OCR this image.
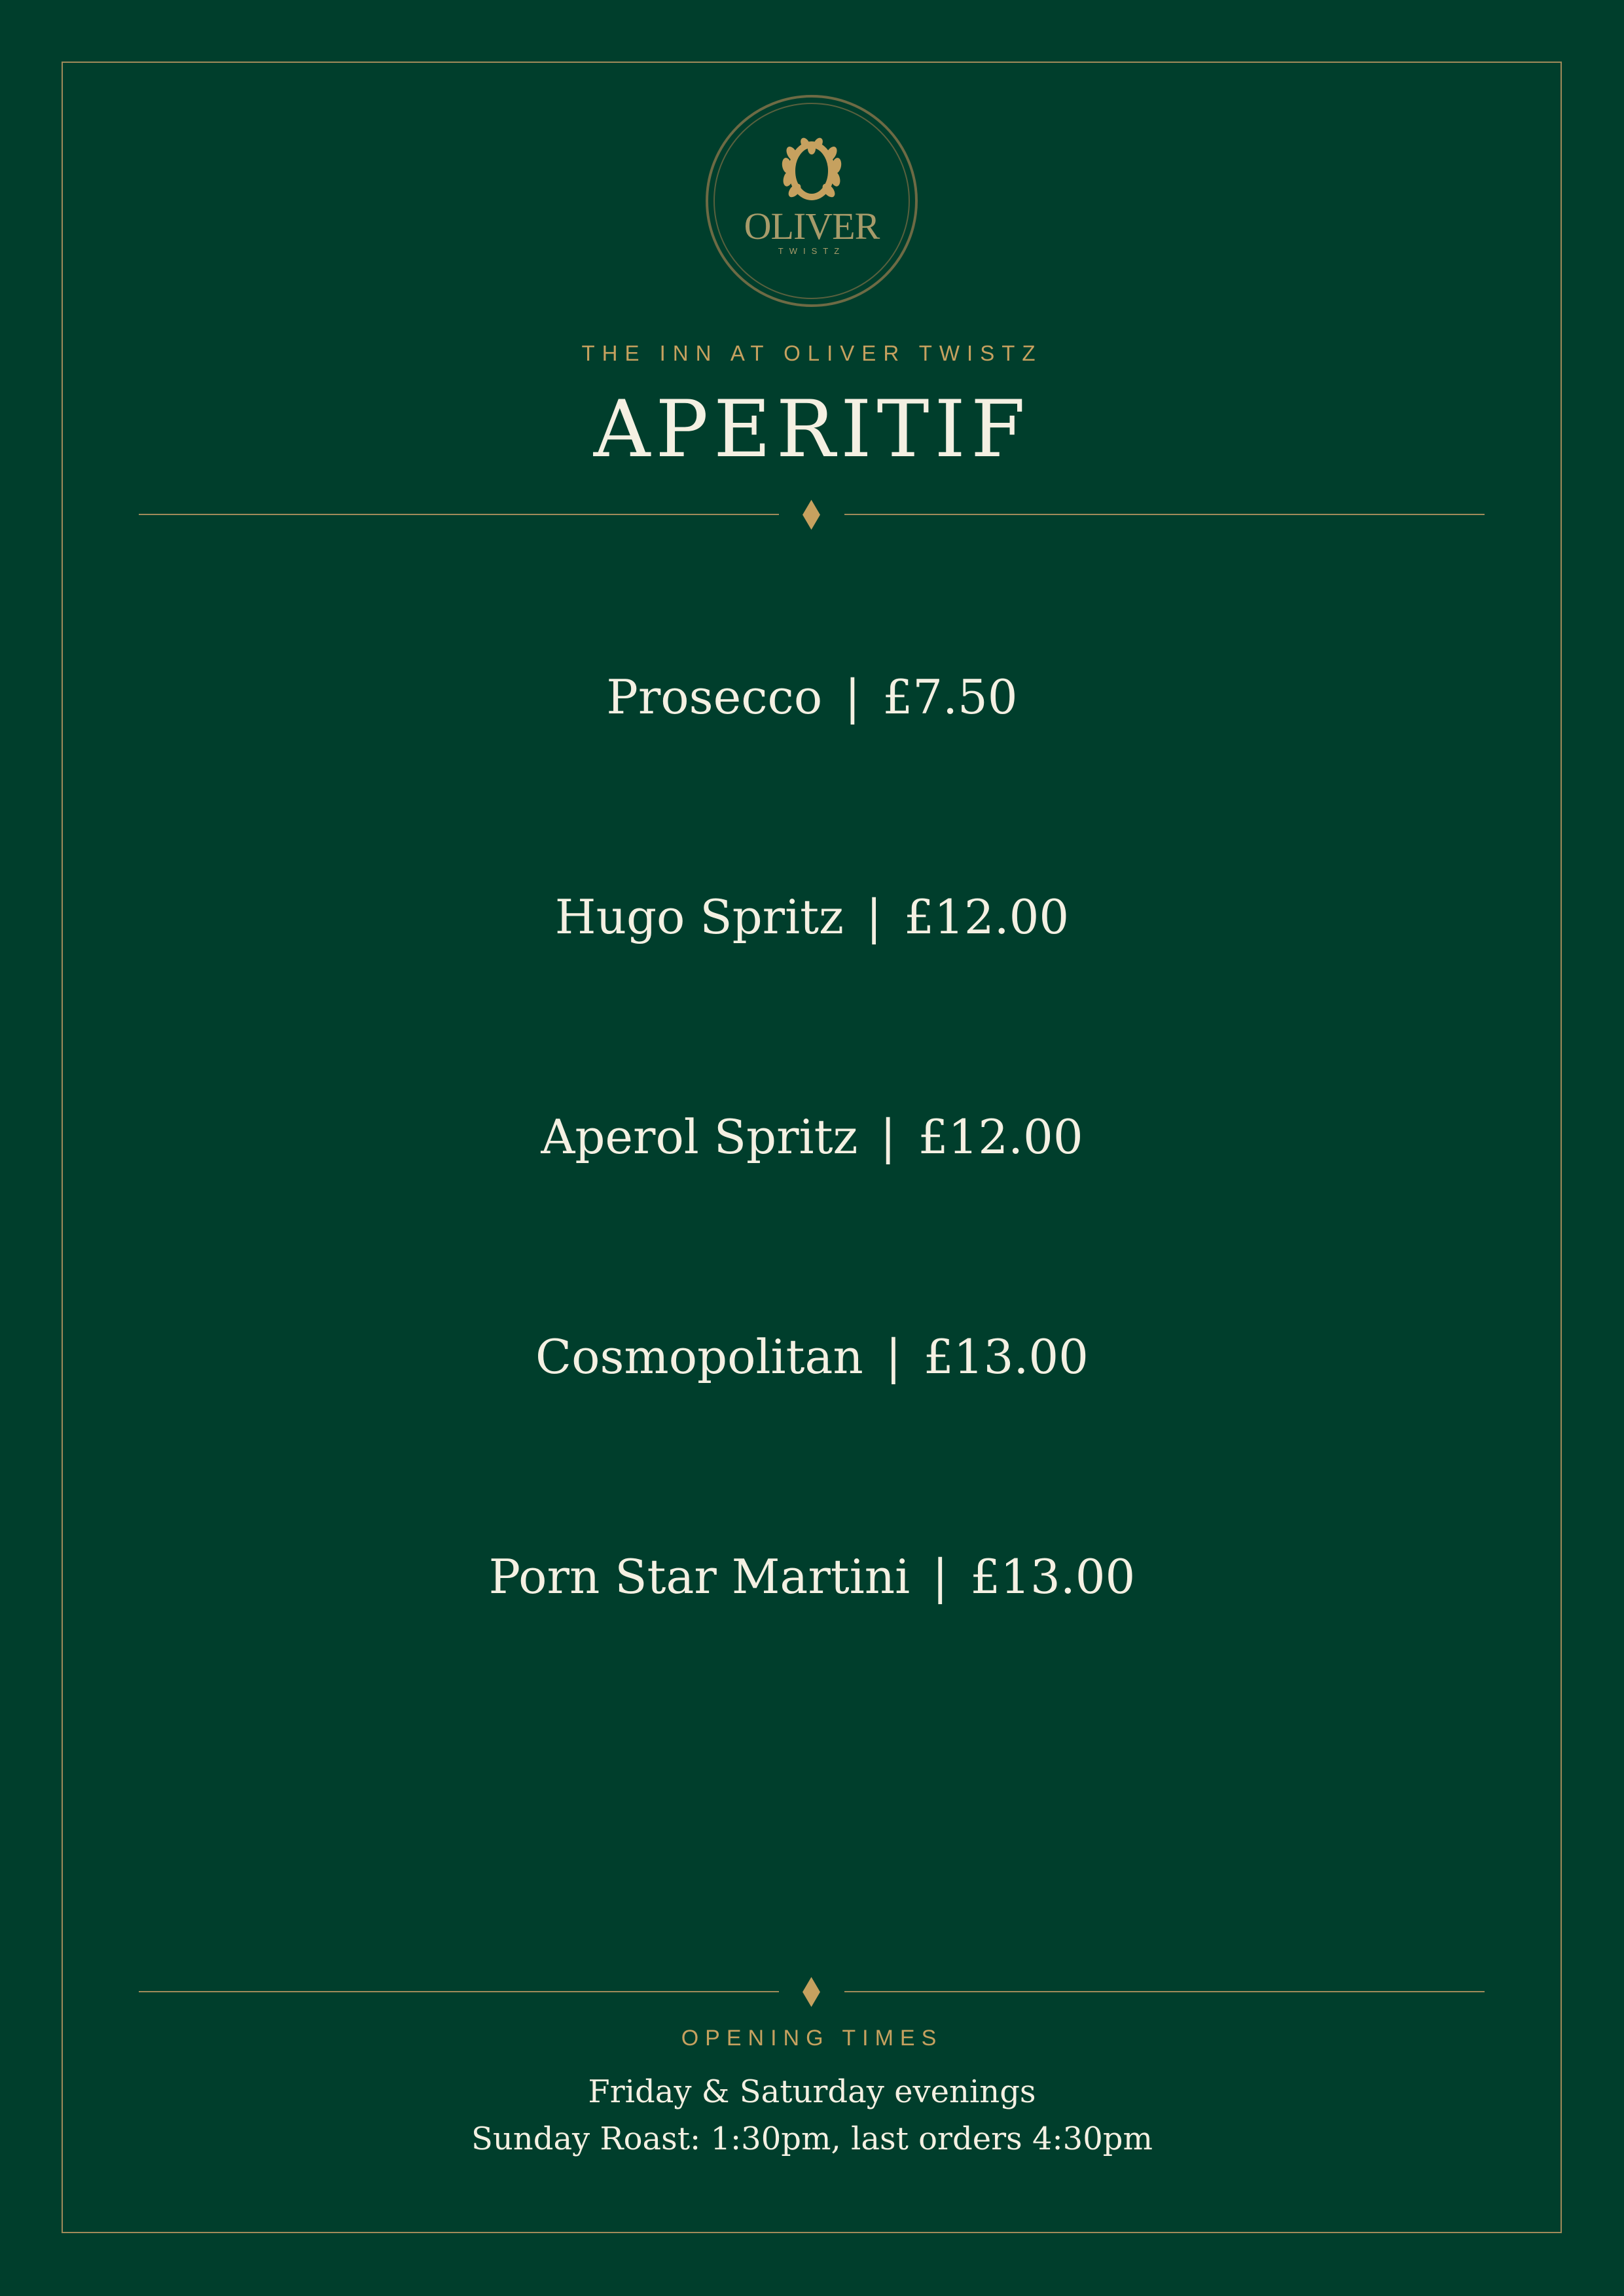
OLIVER
TWISTZ
THE INN AT OLIVER TWISTZ
APERITIF
Prosecco | £7.50
Hugo Spritz | £12.00
Aperol Spritz | £12.00
Cosmopolitan | £13.00
Porn Star Martini | £13.00
OPENING TIMES
Friday & Saturday evenings
Sunday Roast: 1:30pm, last orders 4:30pm
